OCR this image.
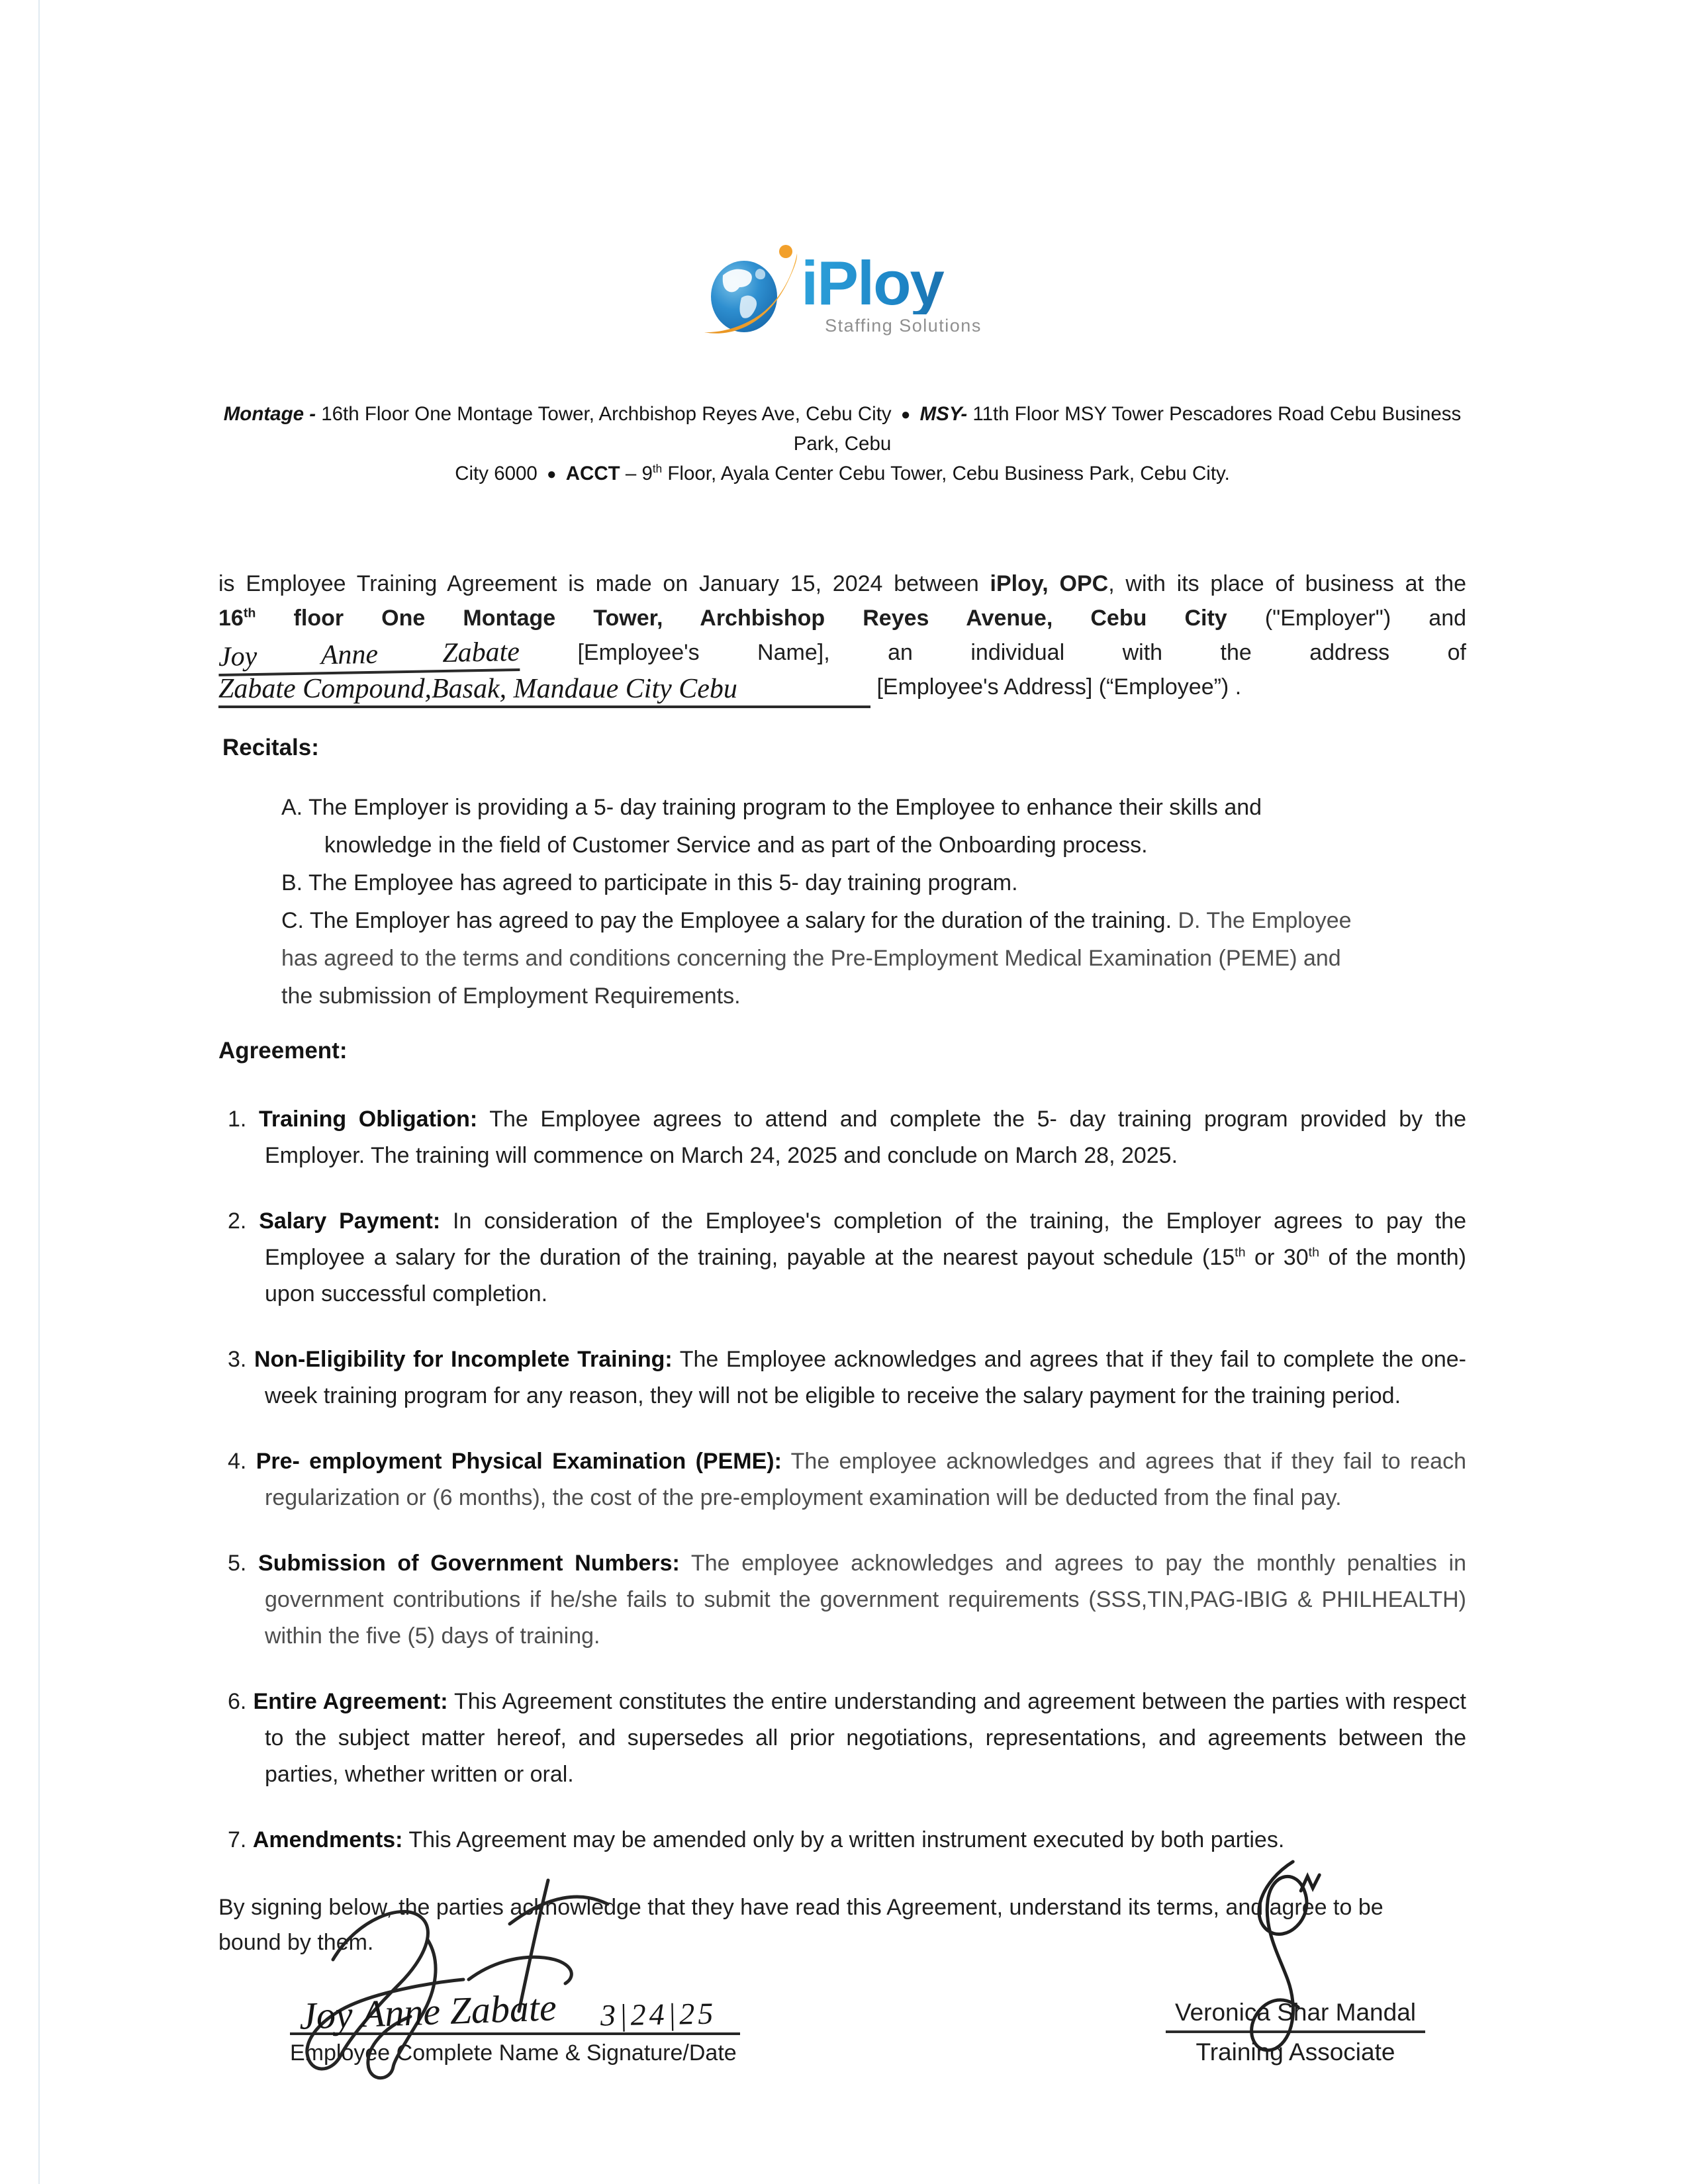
iPloy
Staffing Solutions
Montage - 16th Floor One Montage Tower, Archbishop Reyes Ave, Cebu City ● MSY- 11th Floor MSY Tower Pescadores Road Cebu Business Park, Cebu
City 6000 ● ACCT – 9th Floor, Ayala Center Cebu Tower, Cebu Business Park, Cebu City.
is Employee Training Agreement is made on January 15, 2024 between iPloy, OPC, with its place of business at the
16th floor One Montage Tower, Archbishop Reyes Avenue, Cebu City ("Employer") and
Joy Anne Zabate	[Employee's Name], an individual with the address of
Zabate Compound,Basak, Mandaue City Cebu	[Employee's Address] (“Employee”) .
Recitals:

A. The Employer is providing a 5- day training program to the Employee to enhance their skills and

knowledge in the field of Customer Service and as part of the Onboarding process.

B. The Employee has agreed to participate in this 5- day training program.

C. The Employer has agreed to pay the Employee a salary for the duration of the training. D. The Employee

has agreed to the terms and conditions concerning the Pre-Employment Medical Examination (PEME) and

the submission of Employment Requirements.

Agreement:

1. Training Obligation: The Employee agrees to attend and complete the 5- day training program provided by the Employer. The training will commence on March 24, 2025 and conclude on March 28, 2025.

2. Salary Payment: In consideration of the Employee's completion of the training, the Employer agrees to pay the Employee a salary for the duration of the training, payable at the nearest payout schedule (15th or 30th of the month) upon successful completion.

3. Non-Eligibility for Incomplete Training: The Employee acknowledges and agrees that if they fail to complete the one-week training program for any reason, they will not be eligible to receive the salary payment for the training period.

4. Pre- employment Physical Examination (PEME): The employee acknowledges and agrees that if they fail to reach regularization or (6 months), the cost of the pre-employment examination will be deducted from the final pay.

5. Submission of Government Numbers: The employee acknowledges and agrees to pay the monthly penalties in government contributions if he/she fails to submit the government requirements (SSS,TIN,PAG-IBIG & PHILHEALTH) within the five (5) days of training.

6. Entire Agreement: This Agreement constitutes the entire understanding and agreement between the parties with respect to the subject matter hereof, and supersedes all prior negotiations, representations, and agreements between the parties, whether written or oral.

7. Amendments: This Agreement may be amended only by a written instrument executed by both parties.

By signing below, the parties acknowledge that they have read this Agreement, understand its terms, and agree to be bound by them.

Joy Anne Zabate 3|24|25
Employee Complete Name & Signature/Date
Veronica Shar Mandal
Training Associate
